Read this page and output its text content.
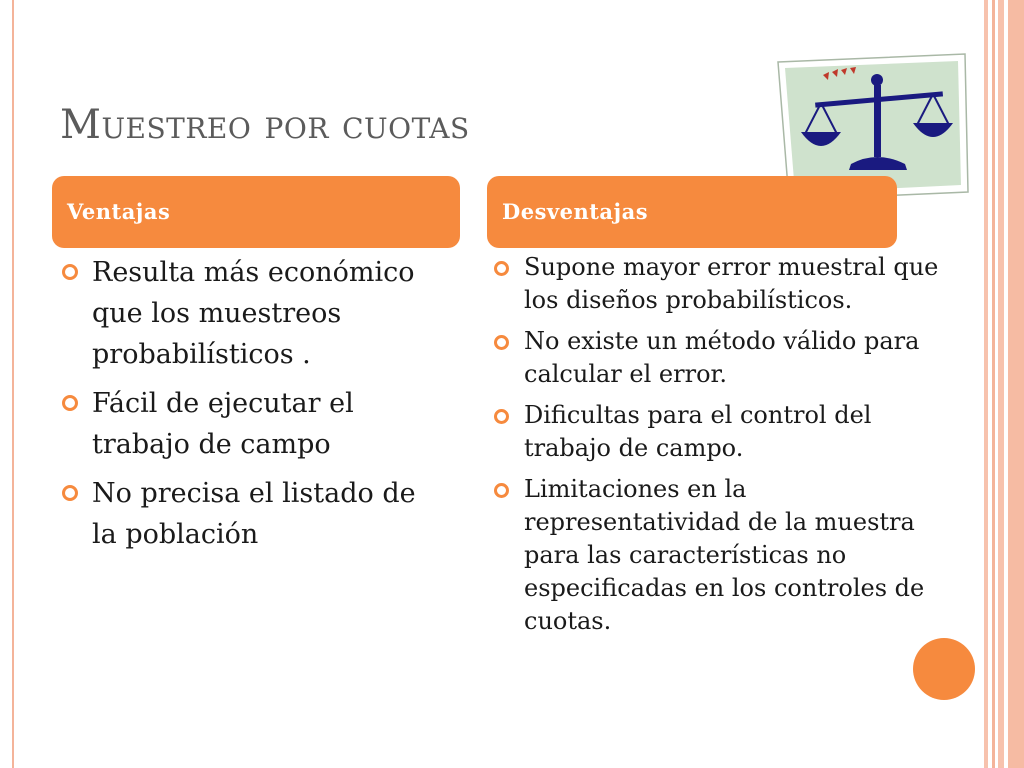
Muestreo por cuotas
Ventajas	Desventajas
Resulta más económico que los muestreos probabilísticos .
Fácil de ejecutar el trabajo de campo
No precisa el listado de la población
Supone mayor error muestral que los diseños probabilísticos.
No existe un método válido para calcular el error.
Dificultas para el control del trabajo de campo.
Limitaciones en la representatividad de la muestra para las características no especificadas en los controles de cuotas.
